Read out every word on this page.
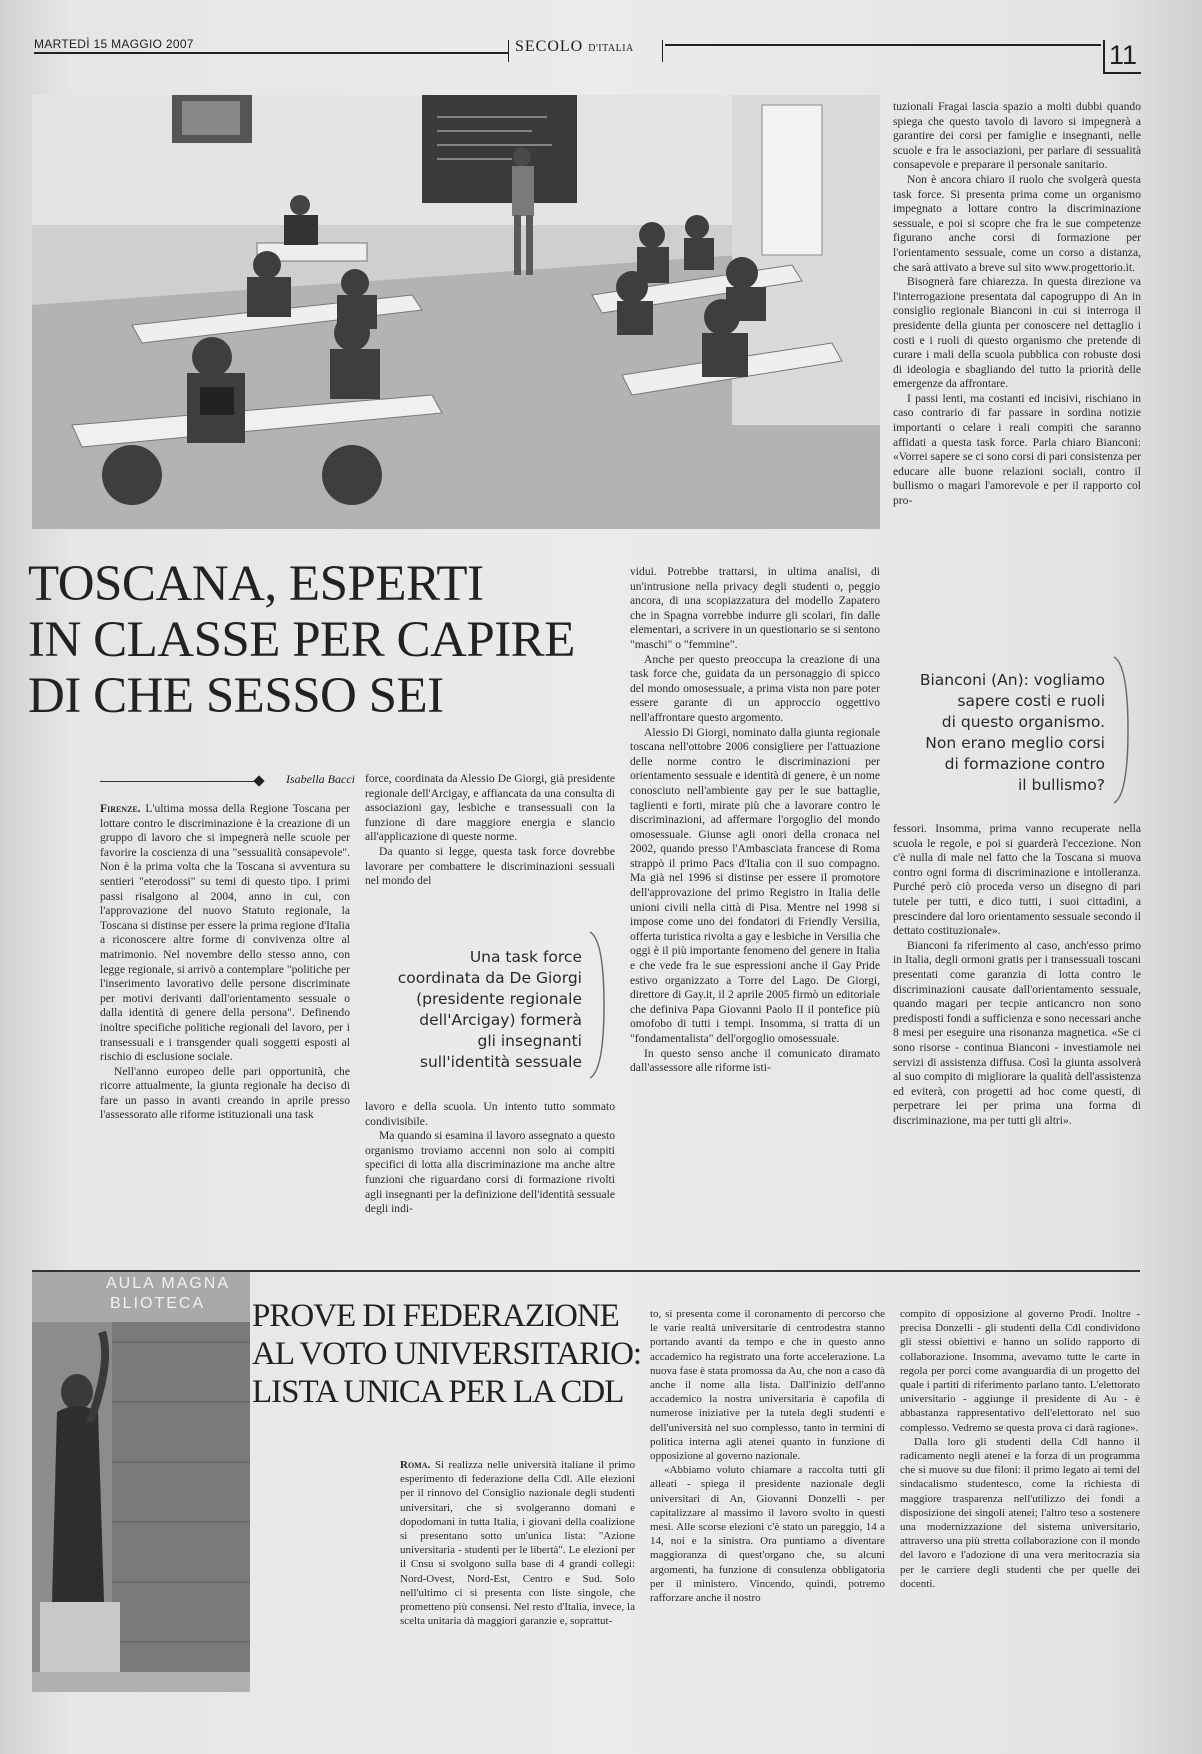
MARTEDÌ 15 MAGGIO 2007	SECOLO D'ITALIA	11
TOSCANA, ESPERTI
IN CLASSE PER CAPIRE
DI CHE SESSO SEI
Isabella Bacci

Firenze. L'ultima mossa della Regione Toscana per lottare contro le discriminazione è la creazione di un gruppo di lavoro che si impegnerà nelle scuole per favorire la coscienza di una "sessualità consapevole". Non è la prima volta che la Toscana si avventura su sentieri "eterodossi" su temi di questo tipo. I primi passi risalgono al 2004, anno in cui, con l'approvazione del nuovo Statuto regionale, la Toscana si distinse per essere la prima regione d'Italia a riconoscere altre forme di convivenza oltre al matrimonio. Nel novembre dello stesso anno, con legge regionale, si arrivò a contemplare "politiche per l'inserimento lavorativo delle persone discriminate per motivi derivanti dall'orientamento sessuale o dalla identità di genere della persona". Definendo inoltre specifiche politiche regionali del lavoro, per i transessuali e i transgender quali soggetti esposti al rischio di esclusione sociale.

Nell'anno europeo delle pari opportunità, che ricorre attualmente, la giunta regionale ha deciso di fare un passo in avanti creando in aprile presso l'assessorato alle riforme istituzionali una task

force, coordinata da Alessio De Giorgi, già presidente regionale dell'Arcigay, e affiancata da una consulta di associazioni gay, lesbiche e transessuali con la funzione di dare maggiore energia e slancio all'applicazione di queste norme.

Da quanto si legge, questa task force dovrebbe lavorare per combattere le discriminazioni sessuali nel mondo del

Una task force
coordinata da De Giorgi
(presidente regionale
dell'Arcigay) formerà
gli insegnanti
sull'identità sessuale

lavoro e della scuola. Un intento tutto sommato condivisibile.

Ma quando si esamina il lavoro assegnato a questo organismo troviamo accenni non solo ai compiti specifici di lotta alla discriminazione ma anche altre funzioni che riguardano corsi di formazione rivolti agli insegnanti per la definizione dell'identità sessuale degli indi-

vidui. Potrebbe trattarsi, in ultima analisi, di un'intrusione nella privacy degli studenti o, peggio ancora, di una scopiazzatura del modello Zapatero che in Spagna vorrebbe indurre gli scolari, fin dalle elementari, a scrivere in un questionario se si sentono "maschi" o "femmine".

Anche per questo preoccupa la creazione di una task force che, guidata da un personaggio di spicco del mondo omosessuale, a prima vista non pare poter essere garante di un approccio oggettivo nell'affrontare questo argomento.

Alessio Di Giorgi, nominato dalla giunta regionale toscana nell'ottobre 2006 consigliere per l'attuazione delle norme contro le discriminazioni per orientamento sessuale e identità di genere, è un nome conosciuto nell'ambiente gay per le sue battaglie, taglienti e forti, mirate più che a lavorare contro le discriminazioni, ad affermare l'orgoglio del mondo omosessuale. Giunse agli onori della cronaca nel 2002, quando presso l'Ambasciata francese di Roma strappò il primo Pacs d'Italia con il suo compagno. Ma già nel 1996 si distinse per essere il promotore dell'approvazione del primo Registro in Italia delle unioni civili nella città di Pisa. Mentre nel 1998 si impose come uno dei fondatori di Friendly Versilia, offerta turistica rivolta a gay e lesbiche in Versilia che oggi è il più importante fenomeno del genere in Italia e che vede fra le sue espressioni anche il Gay Pride estivo organizzato a Torre del Lago. De Giorgi, direttore di Gay.it, il 2 aprile 2005 firmò un editoriale che definiva Papa Giovanni Paolo II il pontefice più omofobo di tutti i tempi. Insomma, si tratta di un "fondamentalista" dell'orgoglio omosessuale.

In questo senso anche il comunicato diramato dall'assessore alle riforme isti-

tuzionali Fragai lascia spazio a molti dubbi quando spiega che questo tavolo di lavoro si impegnerà a garantire dei corsi per famiglie e insegnanti, nelle scuole e fra le associazioni, per parlare di sessualità consapevole e preparare il personale sanitario.

Non è ancora chiaro il ruolo che svolgerà questa task force. Si presenta prima come un organismo impegnato a lottare contro la discriminazione sessuale, e poi si scopre che fra le sue competenze figurano anche corsi di formazione per l'orientamento sessuale, come un corso a distanza, che sarà attivato a breve sul sito www.progettorio.it.

Bisognerà fare chiarezza. In questa direzione va l'interrogazione presentata dal capogruppo di An in consiglio regionale Bianconi in cui si interroga il presidente della giunta per conoscere nel dettaglio i costi e i ruoli di questo organismo che pretende di curare i mali della scuola pubblica con robuste dosi di ideologia e sbagliando del tutto la priorità delle emergenze da affrontare.

I passi lenti, ma costanti ed incisivi, rischiano in caso contrario di far passare in sordina notizie importanti o celare i reali compiti che saranno affidati a questa task force. Parla chiaro Bianconi: «Vorrei sapere se ci sono corsi di pari consistenza per educare alle buone relazioni sociali, contro il bullismo o magari l'amorevole e per il rapporto col pro-

Bianconi (An): vogliamo
sapere costi e ruoli
di questo organismo.
Non erano meglio corsi
di formazione contro
il bullismo?

fessori. Insomma, prima vanno recuperate nella scuola le regole, e poi si guarderà l'eccezione. Non c'è nulla di male nel fatto che la Toscana si muova contro ogni forma di discriminazione e intolleranza. Purché però ciò proceda verso un disegno di pari tutele per tutti, e dico tutti, i suoi cittadini, a prescindere dal loro orientamento sessuale secondo il dettato costituzionale».

Bianconi fa riferimento al caso, anch'esso primo in Italia, degli ormoni gratis per i transessuali toscani presentati come garanzia di lotta contro le discriminazioni causate dall'orientamento sessuale, quando magari per tecpie anticancro non sono predisposti fondi a sufficienza e sono necessari anche 8 mesi per eseguire una risonanza magnetica. «Se ci sono risorse - continua Bianconi - investiamole nei servizi di assistenza diffusa. Così la giunta assolverà al suo compito di migliorare la qualità dell'assistenza ed eviterà, con progetti ad hoc come questi, di perpetrare lei per prima una forma di discriminazione, ma per tutti gli altri».

AULA MAGNA
BLIOTECA	PROVE DI FEDERAZIONE
AL VOTO UNIVERSITARIO:
LISTA UNICA PER LA CDL

Roma. Si realizza nelle università italiane il primo esperimento di federazione della Cdl. Alle elezioni per il rinnovo del Consiglio nazionale degli studenti universitari, che si svolgeranno domani e dopodomani in tutta Italia, i giovani della coalizione si presentano sotto un'unica lista: "Azione universitaria - studenti per le libertà". Le elezioni per il Cnsu si svolgono sulla base di 4 grandi collegi: Nord-Ovest, Nord-Est, Centro e Sud. Solo nell'ultimo ci si presenta con liste singole, che prometteno più consensi. Nel resto d'Italia, invece, la scelta unitaria dà maggiori garanzie e, soprattut-

to, si presenta come il coronamento di percorso che le varie realtà universitarie di centrodestra stanno portando avanti da tempo e che in questo anno accademico ha registrato una forte accelerazione. La nuova fase è stata promossa da Au, che non a caso dà anche il nome alla lista. Dall'inizio dell'anno accademico la nostra universitaria è capofila di numerose iniziative per la tutela degli studenti e dell'università nel suo complesso, tanto in termini di politica interna agli atenei quanto in funzione di opposizione al governo nazionale.

«Abbiamo voluto chiamare a raccolta tutti gli alleati - spiega il presidente nazionale degli universitari di An, Giovanni Donzelli - per capitalizzare al massimo il lavoro svolto in questi mesi. Alle scorse elezioni c'è stato un pareggio, 14 a 14, noi e la sinistra. Ora puntiamo a diventare maggioranza di quest'organo che, su alcuni argomenti, ha funzione di consulenza obbligatoria per il ministero. Vincendo, quindi, potremo rafforzare anche il nostro

compito di opposizione al governo Prodi. Inoltre - precisa Donzelli - gli studenti della Cdl condividono gli stessi obiettivi e hanno un solido rapporto di collaborazione. Insomma, avevamo tutte le carte in regola per porci come avanguardia di un progetto del quale i partiti di riferimento parlano tanto. L'elettorato universitario - aggiunge il presidente di Au - è abbastanza rappresentativo dell'elettorato nel suo complesso. Vedremo se questa prova ci darà ragione».

Dalla loro gli studenti della Cdl hanno il radicamento negli atenei e la forza di un programma che si muove su due filoni: il primo legato ai temi del sindacalismo studentesco, come la richiesta di maggiore trasparenza nell'utilizzo dei fondi a disposizione dei singoli atenei; l'altro teso a sostenere una modernizzazione del sistema universitario, attraverso una più stretta collaborazione con il mondo del lavoro e l'adozione di una vera meritocrazia sia per le carriere degli studenti che per quelle dei docenti.
